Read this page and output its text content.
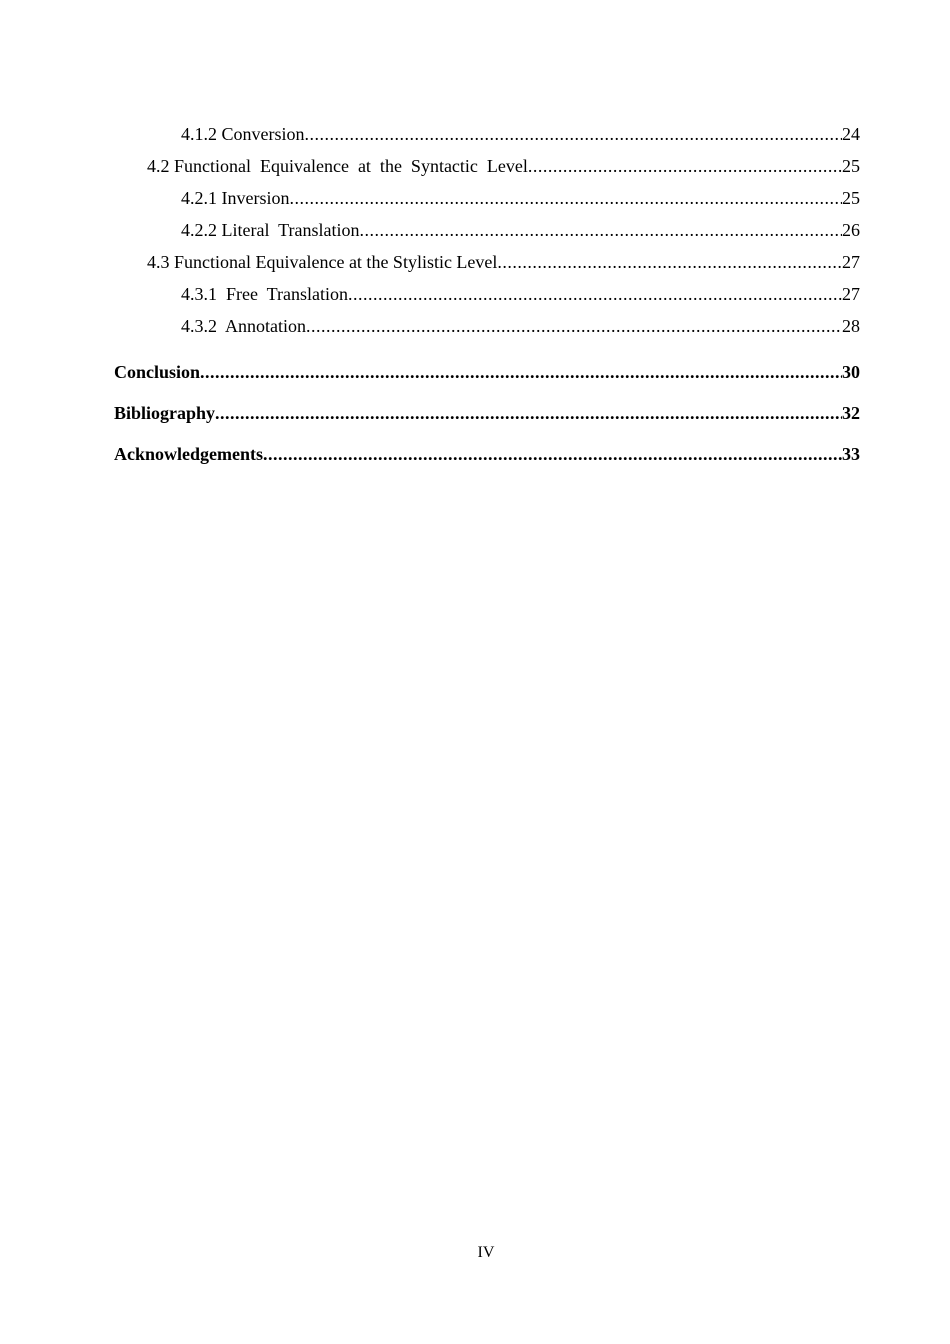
4.1.2 Conversion .....	24
4.2 Functional  Equivalence  at  the  Syntactic  Level .....	25
4.2.1 Inversion .....	25
4.2.2 Literal  Translation .....	26
4.3 Functional Equivalence at the Stylistic Level .....	27
4.3.1  Free  Translation .....	27
4.3.2  Annotation .....	28
Conclusion .....	30
Bibliography .....	32
Acknowledgements .....	33
IV
